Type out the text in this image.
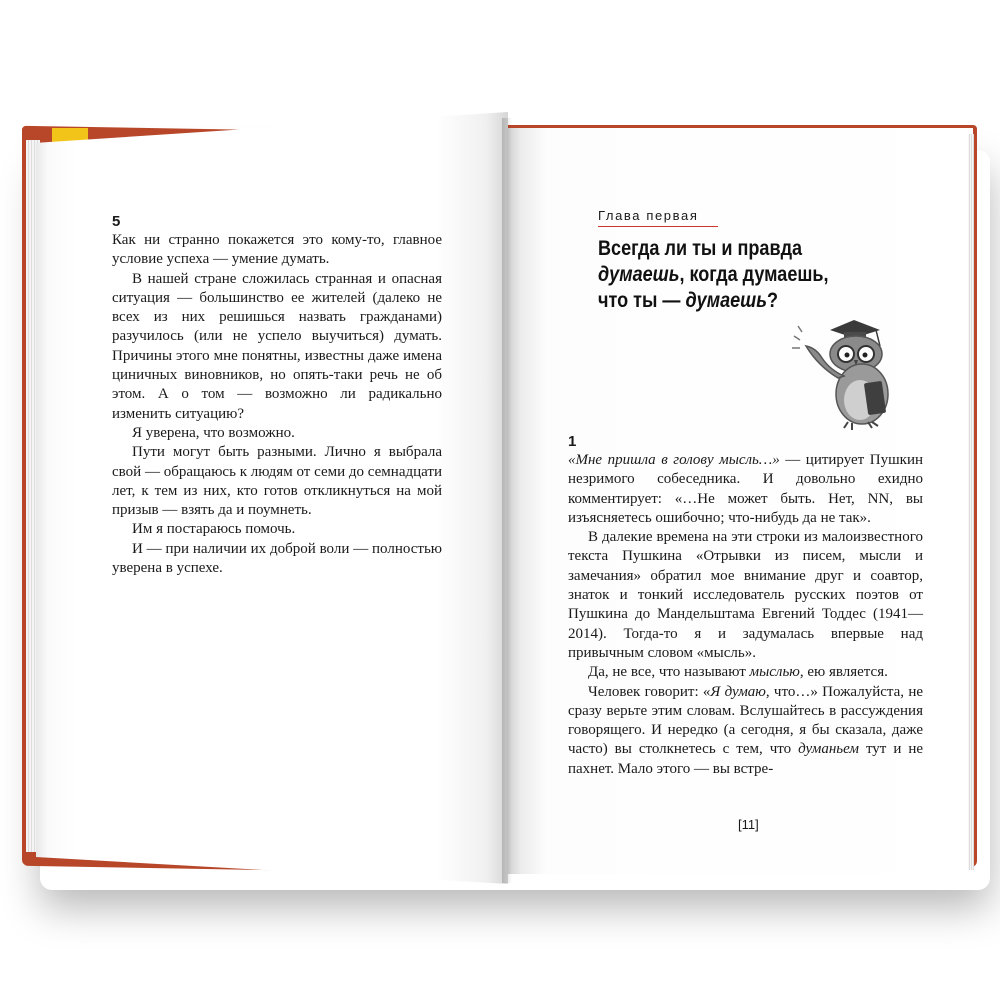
5

Как ни странно покажется это кому-то, главное условие успеха — умение думать.

В нашей стране сложилась странная и опасная ситуация — большинство ее жителей (далеко не всех из них решишься назвать гражданами) разучилось (или не успело выучиться) думать. Причины этого мне понятны, известны даже имена циничных виновников, но опять-таки речь не об этом. А о том — возможно ли радикально изменить ситуацию?

Я уверена, что возможно.

Пути могут быть разными. Лично я выбрала свой — обращаюсь к людям от семи до семнадцати лет, к тем из них, кто готов откликнуться на мой призыв — взять да и поумнеть.

Им я постараюсь помочь.

И — при наличии их доброй воли — полностью уверена в успехе.

Глава первая
Всегда ли ты и правда думаешь, когда думаешь, что ты — думаешь?
1

«Мне пришла в голову мысль…» — цитирует Пушкин незримого собеседника. И довольно ехидно комментирует: «…Не может быть. Нет, NN, вы изъясняетесь ошибочно; что-нибудь да не так».

В далекие времена на эти строки из малоизвестного текста Пушкина «Отрывки из писем, мысли и замечания» обратил мое внимание друг и соавтор, знаток и тонкий исследователь русских поэтов от Пушкина до Мандельштама Евгений Тоддес (1941—2014). Тогда-то я и задумалась впервые над привычным словом «мысль».

Да, не все, что называют мыслью, ею является.

Человек говорит: «Я думаю, что…» Пожалуйста, не сразу верьте этим словам. Вслушайтесь в рассуждения говорящего. И нередко (а сегодня, я бы сказала, даже часто) вы столкнетесь с тем, что думаньем тут и не пахнет. Мало этого — вы встре-

[11]
